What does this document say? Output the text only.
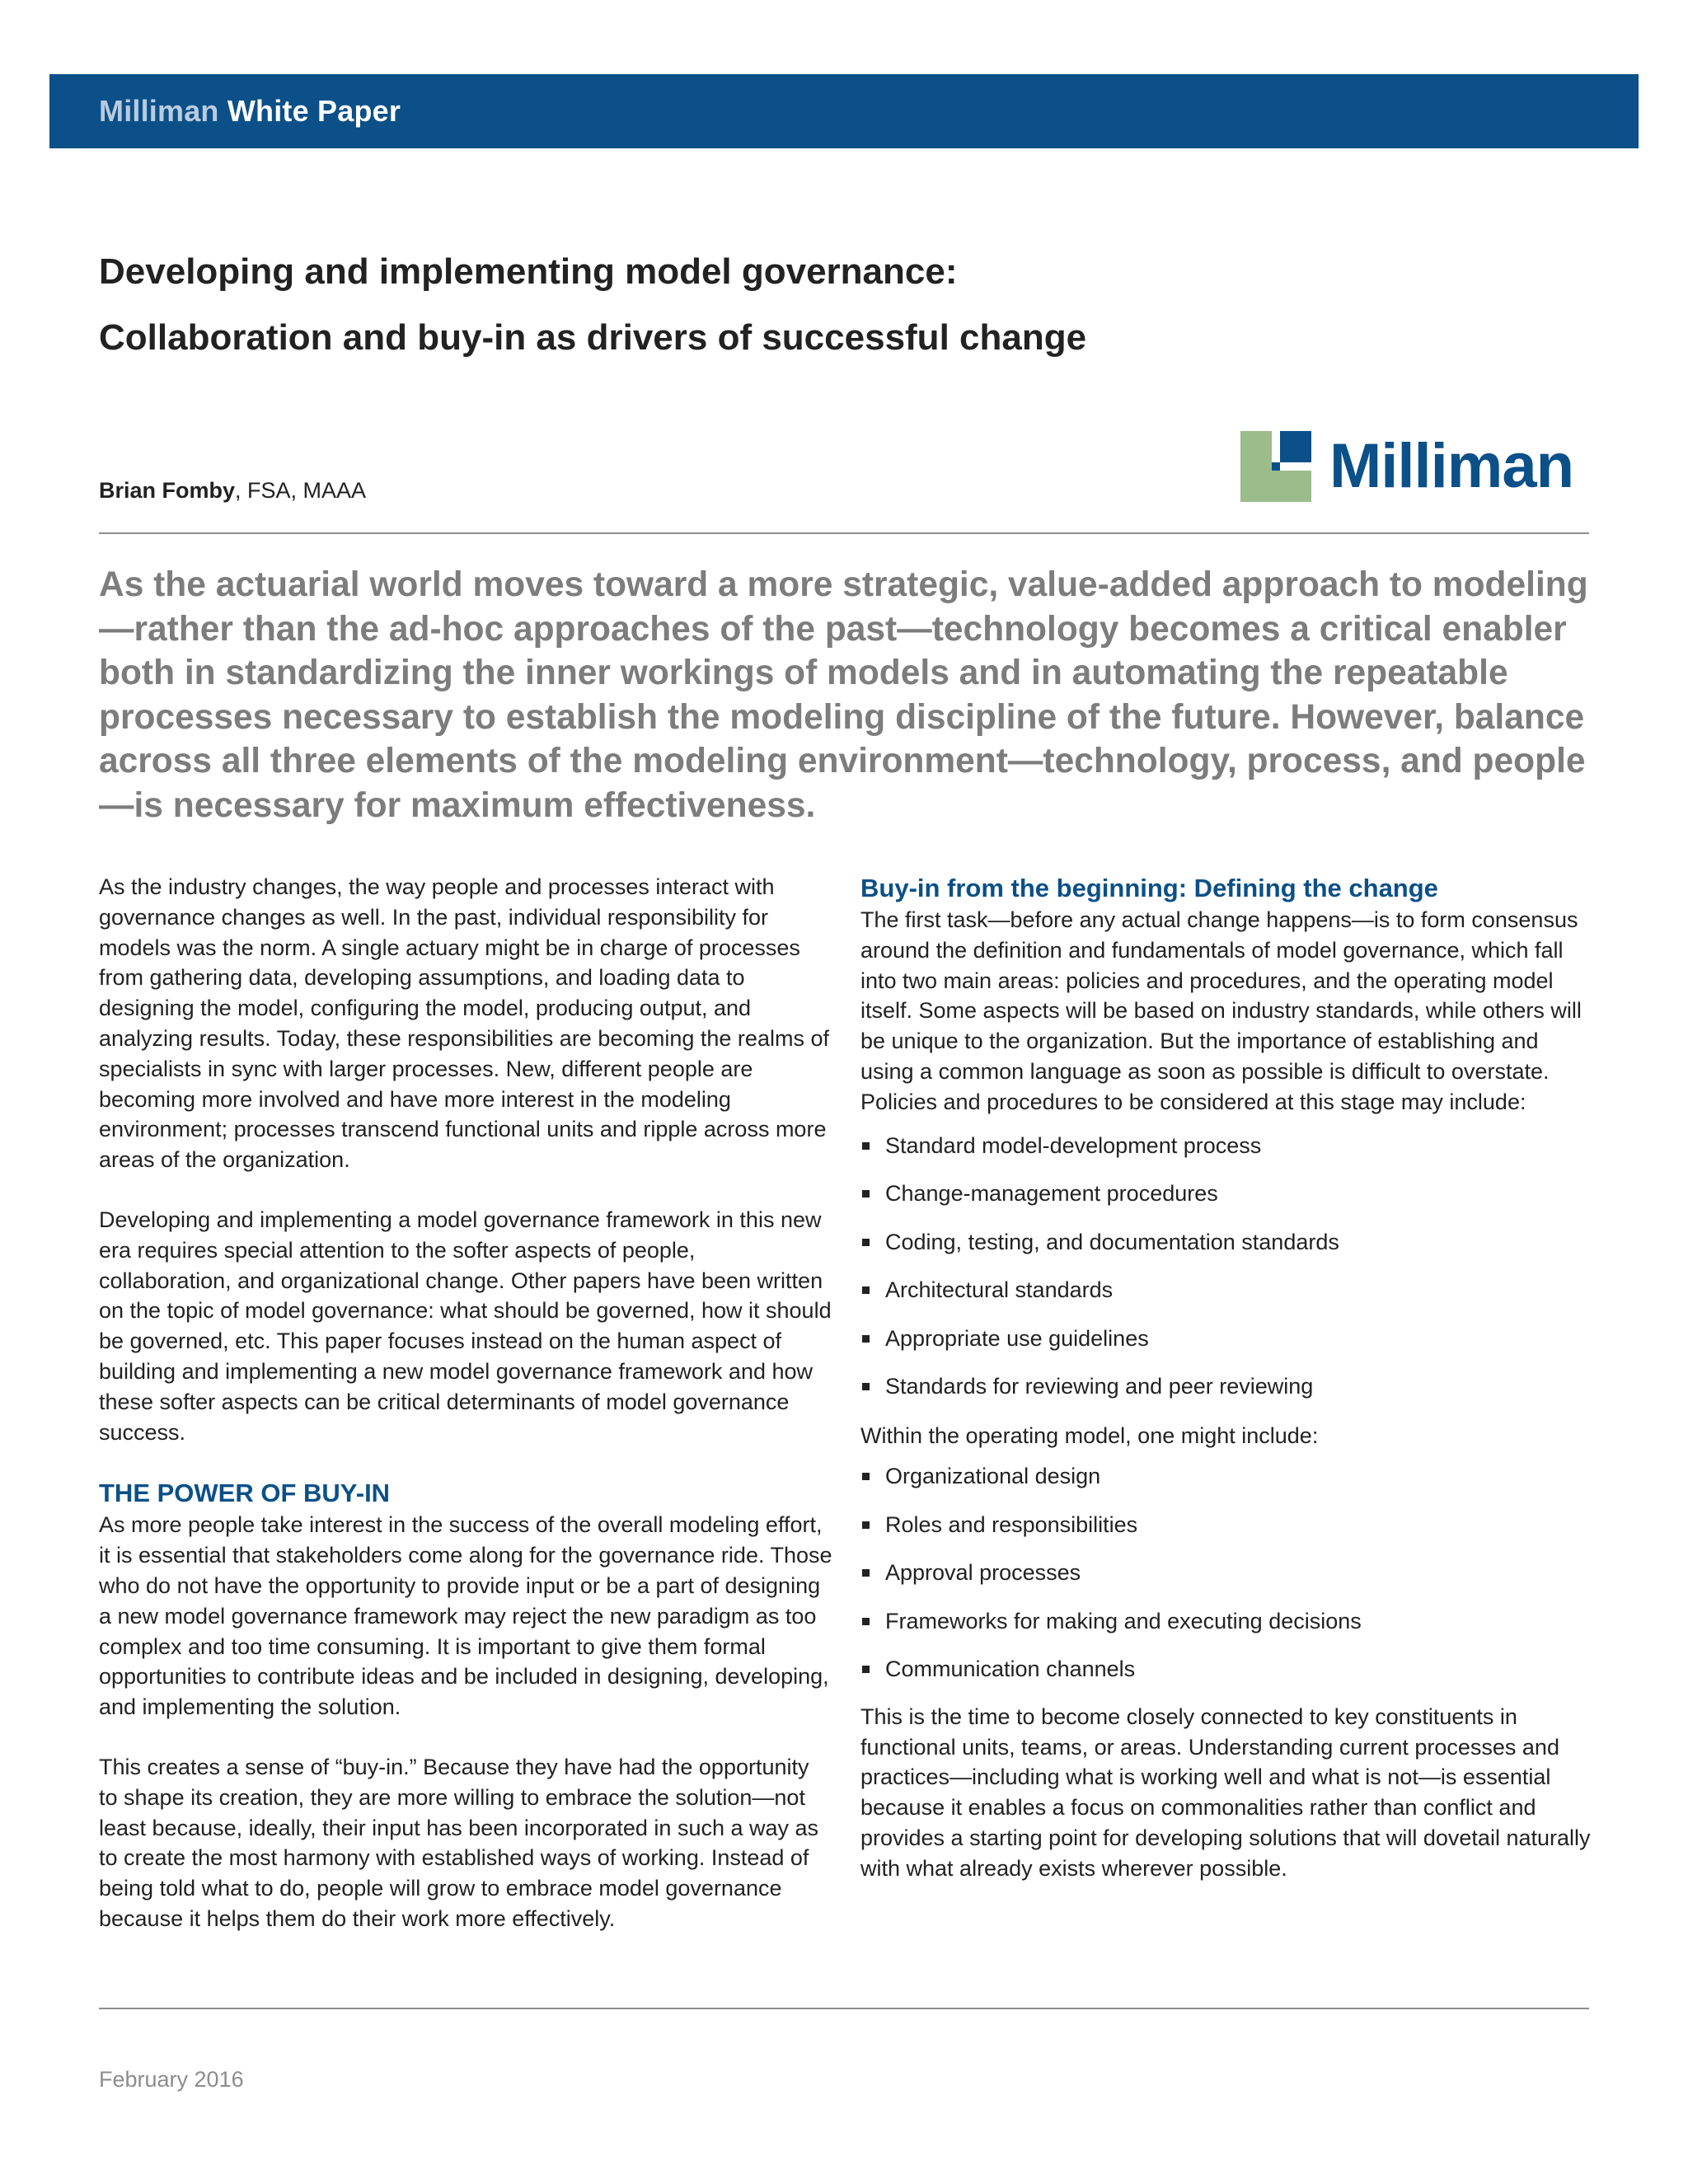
Milliman White Paper

Developing and implementing model governance:

Collaboration and buy-in as drivers of successful change

Brian Fomby, FSA, MAAA	Milliman

As the actuarial world moves toward a more strategic, value-added approach to modeling—rather than the ad-hoc approaches of the past—technology becomes a critical enabler both in standardizing the inner workings of models and in automating the repeatable processes necessary to establish the modeling discipline of the future. However, balance across all three elements of the modeling environment—technology, process, and people—is necessary for maximum effectiveness.

As the industry changes, the way people and processes interact with governance changes as well. In the past, individual responsibility for models was the norm. A single actuary might be in charge of processes from gathering data, developing assumptions, and loading data to designing the model, configuring the model, producing output, and analyzing results. Today, these responsibilities are becoming the realms of specialists in sync with larger processes. New, different people are becoming more involved and have more interest in the modeling environment; processes transcend functional units and ripple across more areas of the organization.

Developing and implementing a model governance framework in this new era requires special attention to the softer aspects of people, collaboration, and organizational change. Other papers have been written on the topic of model governance: what should be governed, how it should be governed, etc. This paper focuses instead on the human aspect of building and implementing a new model governance framework and how these softer aspects can be critical determinants of model governance success.

THE POWER OF BUY-IN

As more people take interest in the success of the overall modeling effort, it is essential that stakeholders come along for the governance ride. Those who do not have the opportunity to provide input or be a part of designing a new model governance framework may reject the new paradigm as too complex and too time consuming. It is important to give them formal opportunities to contribute ideas and be included in designing, developing, and implementing the solution.

This creates a sense of “buy-in.” Because they have had the opportunity to shape its creation, they are more willing to embrace the solution—not least because, ideally, their input has been incorporated in such a way as to create the most harmony with established ways of working. Instead of being told what to do, people will grow to embrace model governance because it helps them do their work more effectively.

Buy-in from the beginning: Defining the change

The first task—before any actual change happens—is to form consensus around the definition and fundamentals of model governance, which fall into two main areas: policies and procedures, and the operating model itself. Some aspects will be based on industry standards, while others will be unique to the organization. But the importance of establishing and using a common language as soon as possible is difficult to overstate. Policies and procedures to be considered at this stage may include:

Standard model-development process
Change-management procedures
Coding, testing, and documentation standards
Architectural standards
Appropriate use guidelines
Standards for reviewing and peer reviewing

Within the operating model, one might include:

Organizational design
Roles and responsibilities
Approval processes
Frameworks for making and executing decisions
Communication channels

This is the time to become closely connected to key constituents in functional units, teams, or areas. Understanding current processes and practices—including what is working well and what is not—is essential because it enables a focus on commonalities rather than conflict and provides a starting point for developing solutions that will dovetail naturally with what already exists wherever possible.

February 2016
